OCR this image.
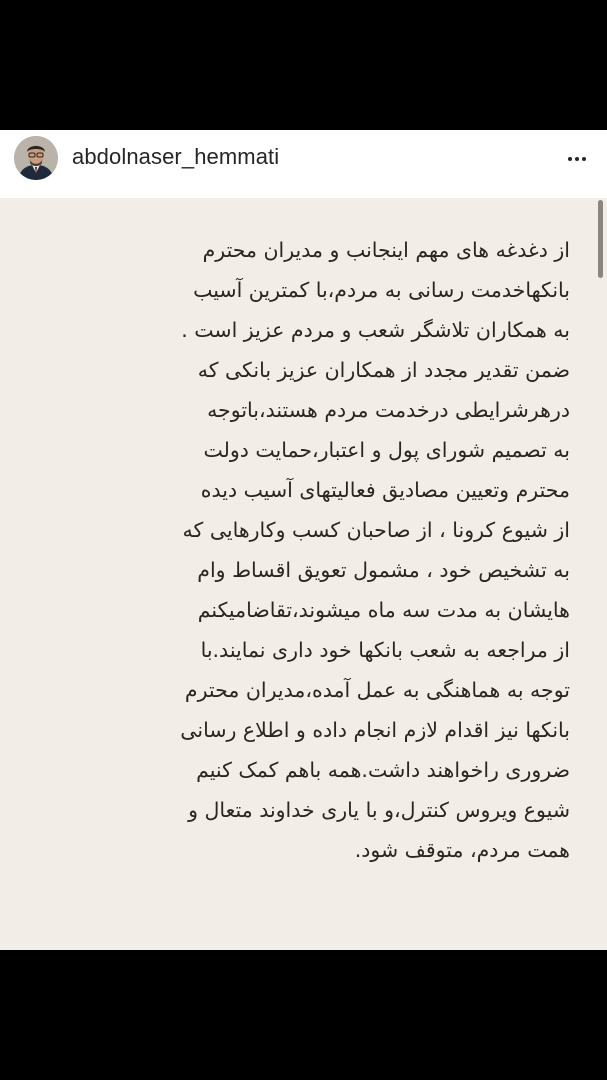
abdolnaser_hemmati
از دغدغه های مهم اینجانب و مدیران محترم
بانکهاخدمت رسانی به مردم،با کمترین آسیب
به همکاران تلاشگر شعب و مردم عزیز است .
ضمن تقدیر مجدد از همکاران عزیز بانکی که
درهرشرایطی درخدمت مردم هستند،باتوجه
به تصمیم شورای پول و اعتبار،حمایت دولت
محترم وتعیین مصادیق فعالیتهای آسیب دیده
از شیوع کرونا ، از صاحبان کسب وکارهایی که
به تشخیص خود ، مشمول تعویق اقساط وام
هایشان به مدت سه ماه میشوند،تقاضامیکنم
از مراجعه به شعب بانکها خود داری نمایند.با
توجه به هماهنگی به عمل آمده،مدیران محترم
بانکها نیز اقدام لازم انجام داده و اطلاع رسانی
ضروری راخواهند داشت.همه باهم کمک کنیم
شیوع ویروس کنترل،و با یاری خداوند متعال و
همت مردم، متوقف شود.
